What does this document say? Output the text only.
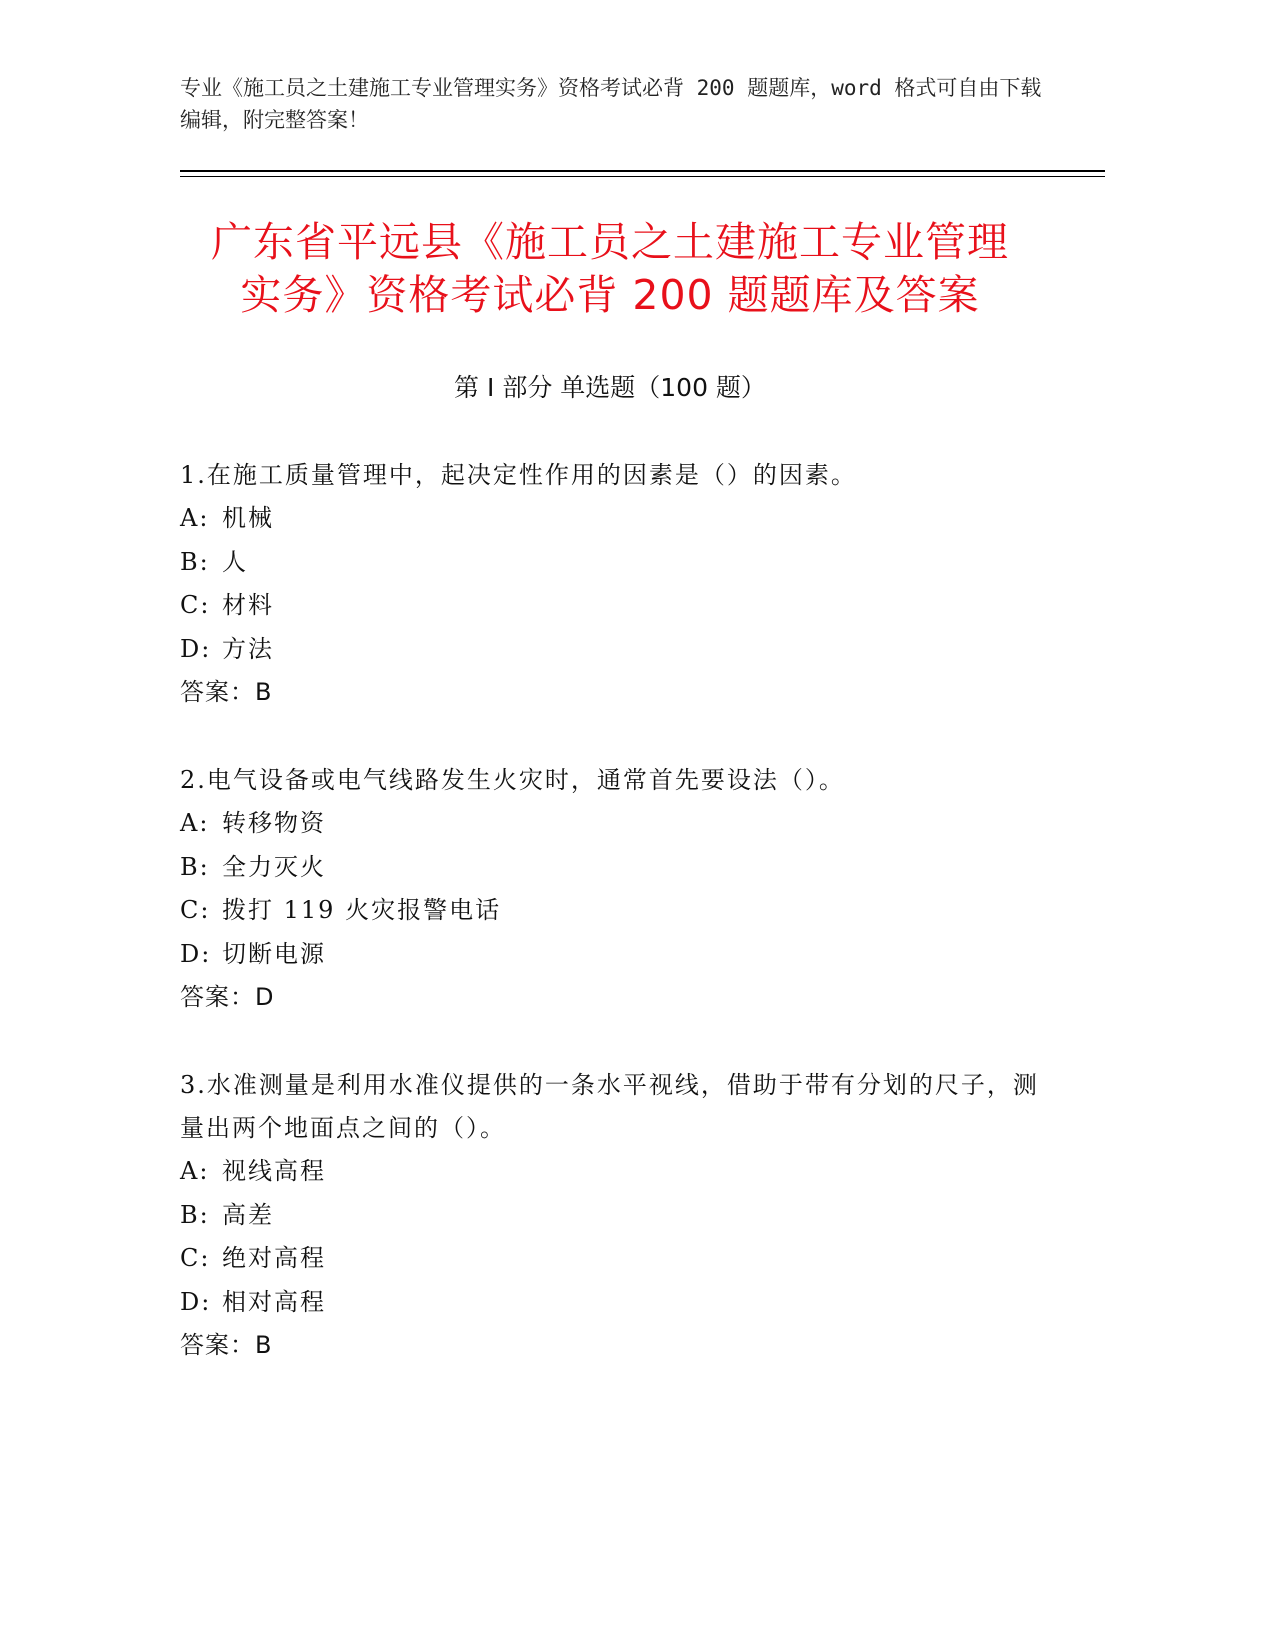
专业《施工员之土建施工专业管理实务》资格考试必背 200 题题库，word 格式可自由下载编辑，附完整答案！
广东省平远县《施工员之土建施工专业管理
实务》资格考试必背 200 题题库及答案
第 I 部分 单选题（100 题）

1.在施工质量管理中，起决定性作用的因素是（）的因素。

A: 机械
B: 人
C: 材料
D: 方法
答案： B

2.电气设备或电气线路发生火灾时，通常首先要设法（）。

A: 转移物资
B: 全力灭火
C: 拨打 119 火灾报警电话
D: 切断电源
答案： D

3.水准测量是利用水准仪提供的一条水平视线，借助于带有分划的尺子，测量出两个地面点之间的（）。

A: 视线高程
B: 高差
C: 绝对高程
D: 相对高程
答案： B
